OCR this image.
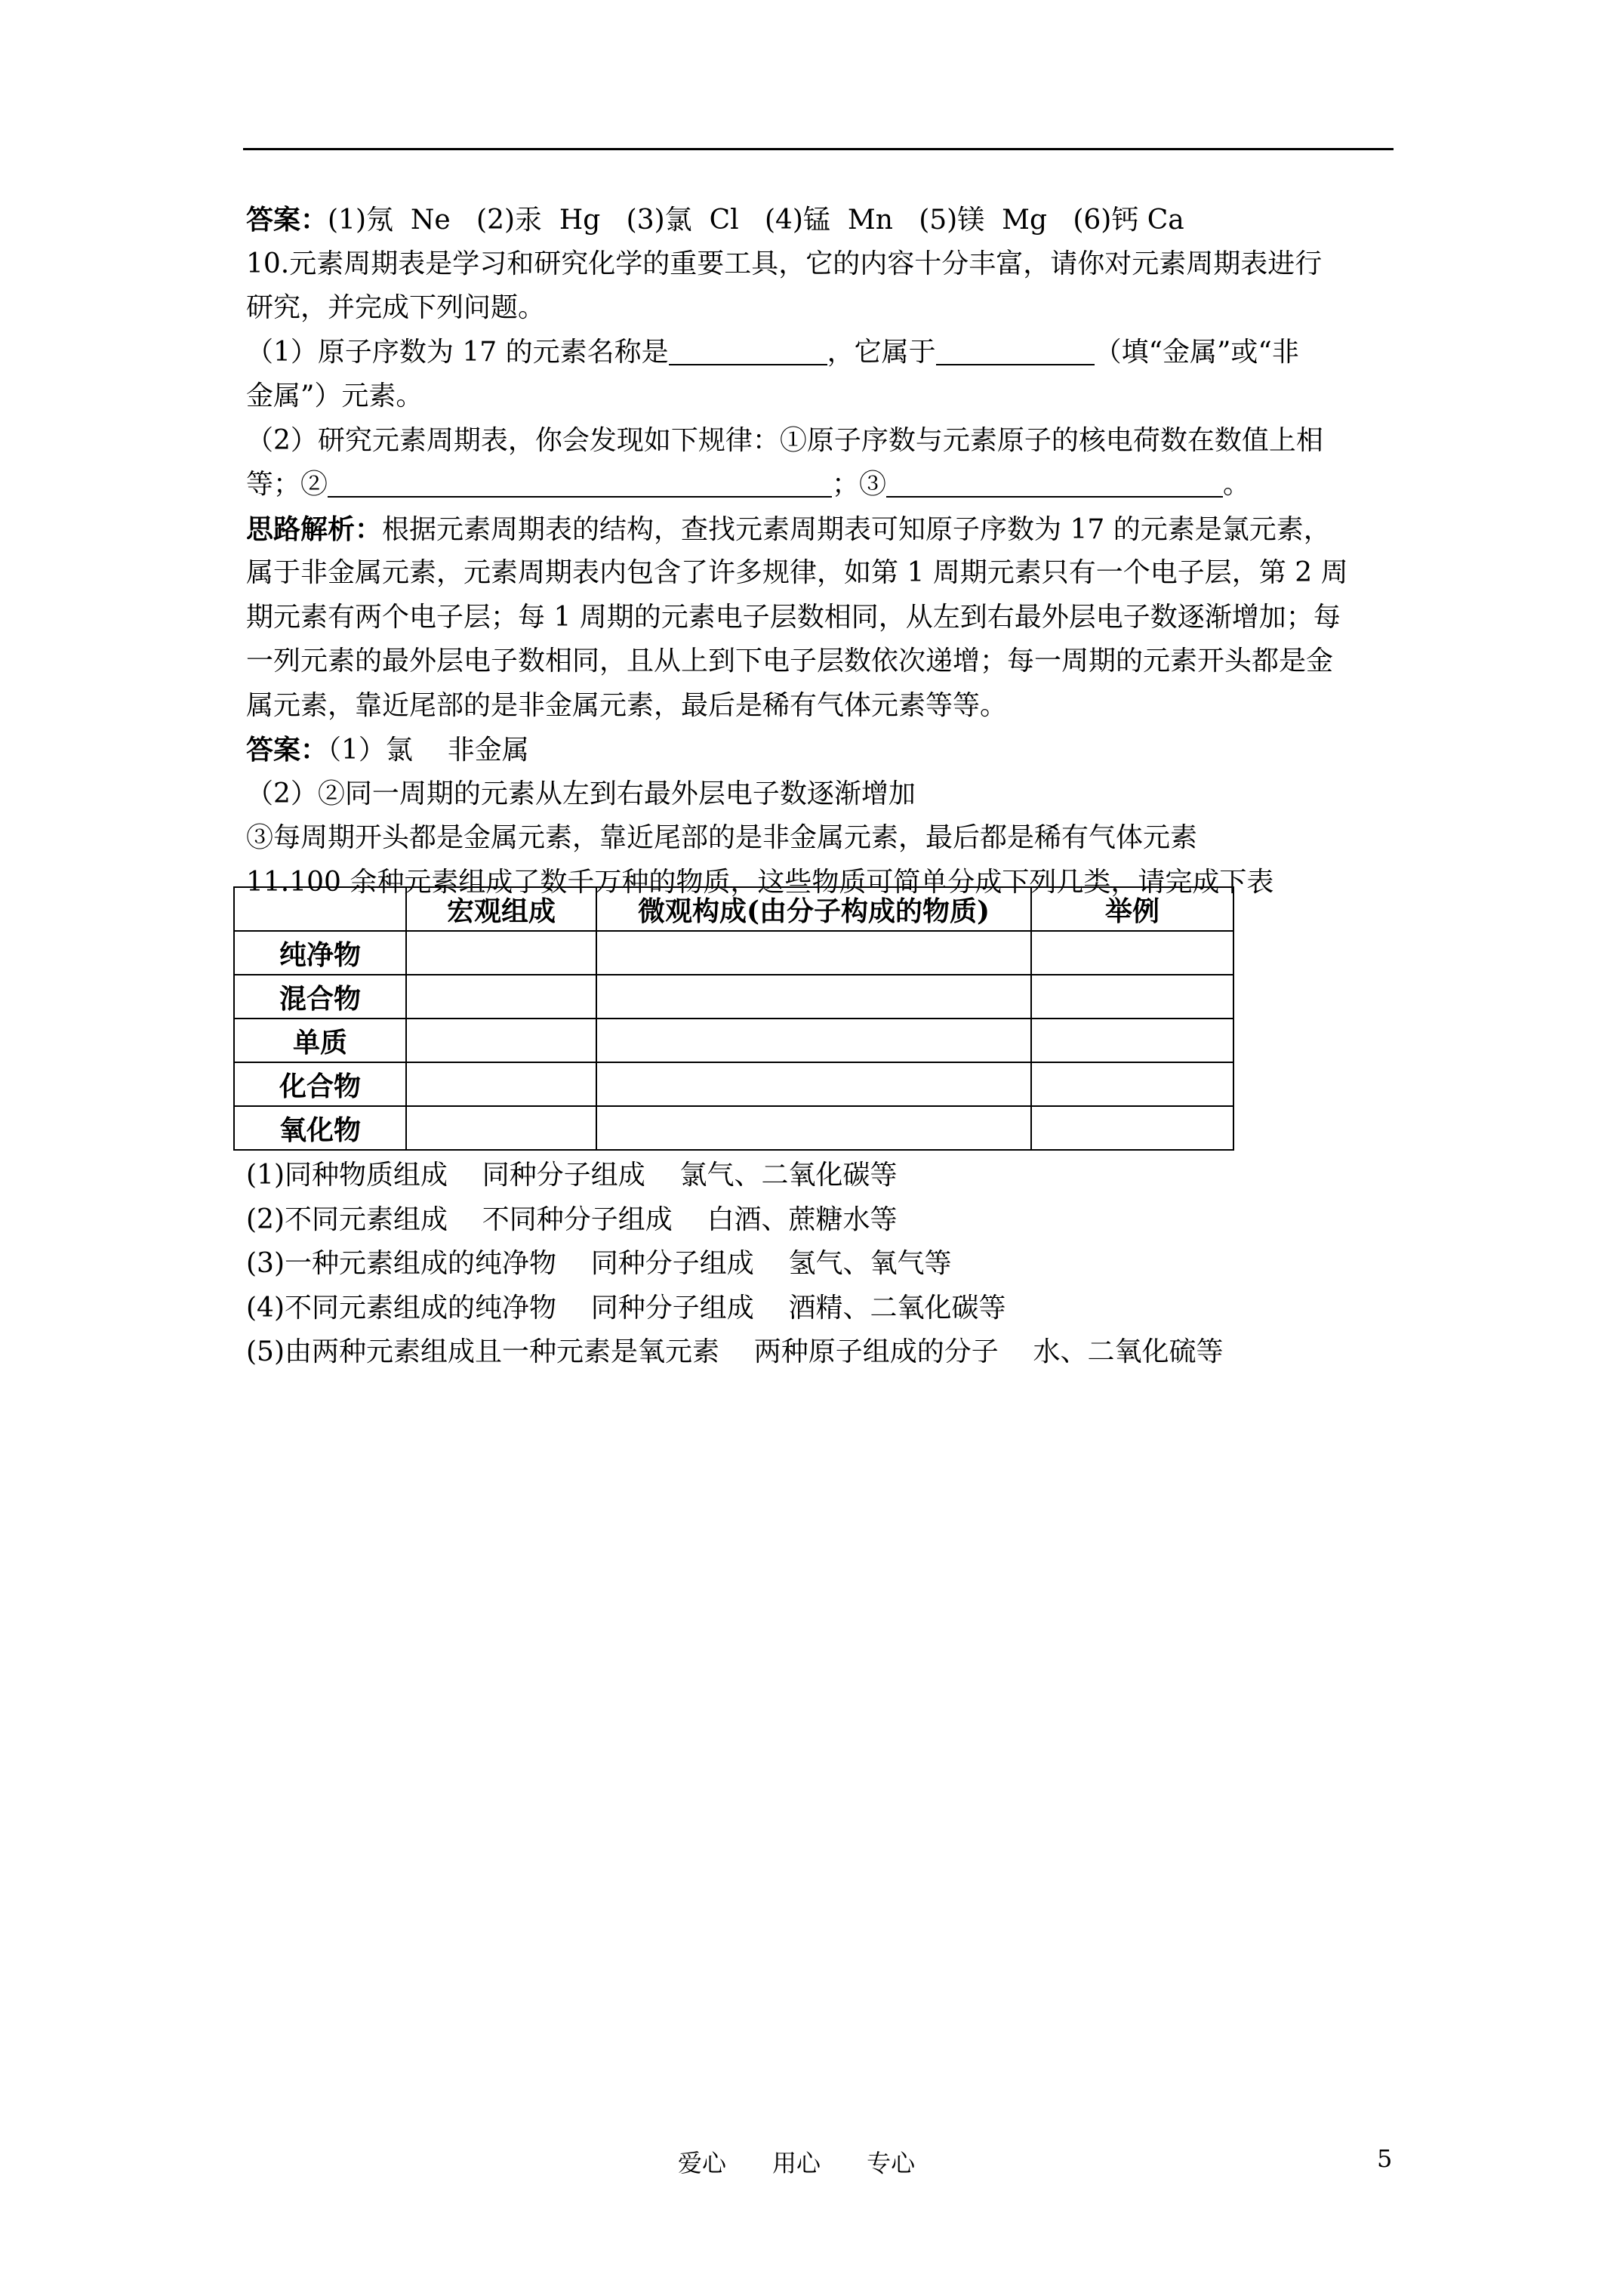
答案：(1)氖  Ne   (2)汞  Hg   (3)氯  Cl   (4)锰  Mn   (5)镁  Mg   (6)钙 Ca
10.元素周期表是学习和研究化学的重要工具，它的内容十分丰富，请你对元素周期表进行
研究，并完成下列问题。
（1）原子序数为 17 的元素名称是	，它属于	（填“金属”或“非
金属”）元素。
（2）研究元素周期表，你会发现如下规律：①原子序数与元素原子的核电荷数在数值上相
等；②	；③	。
思路解析：根据元素周期表的结构，查找元素周期表可知原子序数为 17 的元素是氯元素，
属于非金属元素，元素周期表内包含了许多规律，如第 1 周期元素只有一个电子层，第 2 周
期元素有两个电子层；每 1 周期的元素电子层数相同，从左到右最外层电子数逐渐增加；每
一列元素的最外层电子数相同，且从上到下电子层数依次递增；每一周期的元素开头都是金
属元素，靠近尾部的是非金属元素，最后是稀有气体元素等等。
答案：（1）氯    非金属
（2）②同一周期的元素从左到右最外层电子数逐渐增加
③每周期开头都是金属元素，靠近尾部的是非金属元素，最后都是稀有气体元素
11.100 余种元素组成了数千万种的物质，这些物质可简单分成下列几类，请完成下表
	宏观组成	微观构成(由分子构成的物质)	举例
纯净物			
混合物			
单质			
化合物			
氧化物			
(1)同种物质组成    同种分子组成    氯气、二氧化碳等
(2)不同元素组成    不同种分子组成    白酒、蔗糖水等
(3)一种元素组成的纯净物    同种分子组成    氢气、氧气等
(4)不同元素组成的纯净物    同种分子组成    酒精、二氧化碳等
(5)由两种元素组成且一种元素是氧元素    两种原子组成的分子    水、二氧化硫等
爱心      用心      专心	5
